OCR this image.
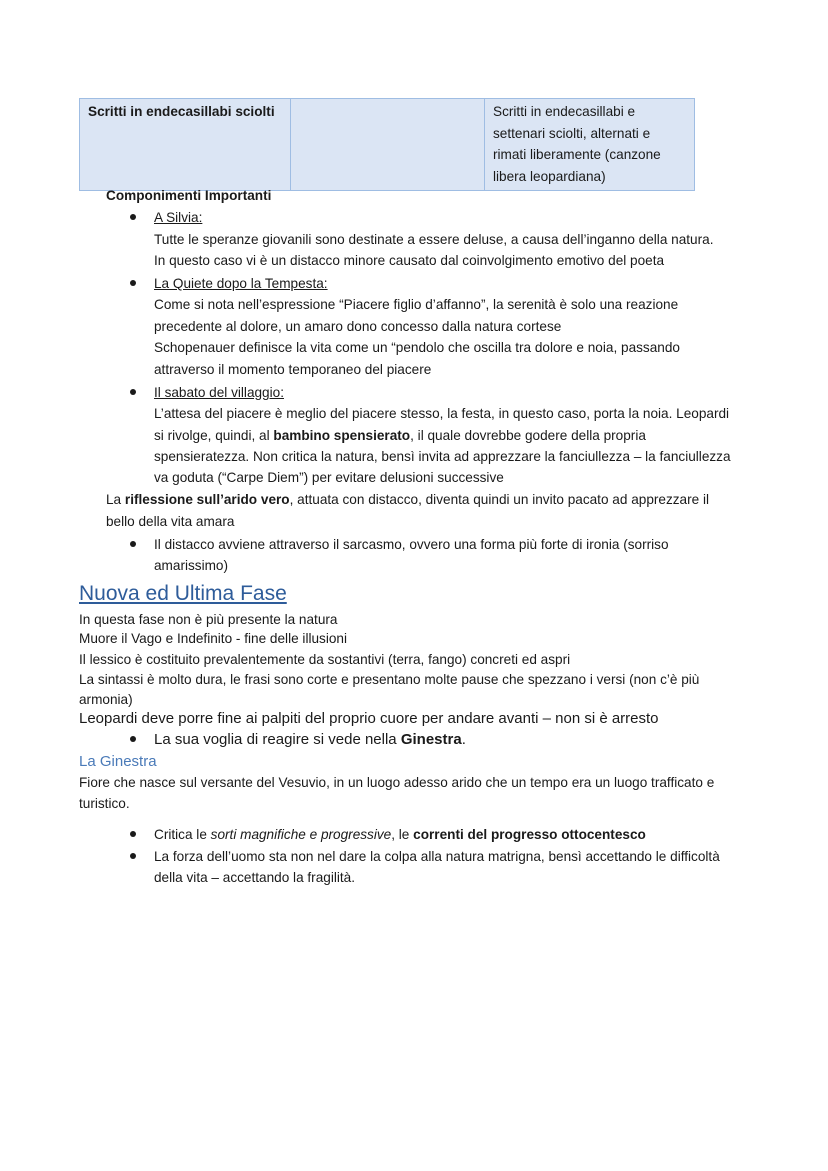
Scritti in endecasillabi sciolti		Scritti in endecasillabi e
settenari sciolti, alternati e
rimati liberamente (canzone
libera leopardiana)
Componimenti Importanti
A Silvia:
Tutte le speranze giovanili sono destinate a essere deluse, a causa dell’inganno della natura.
In questo caso vi è un distacco minore causato dal coinvolgimento emotivo del poeta
La Quiete dopo la Tempesta:
Come si nota nell’espressione “Piacere figlio d’affanno”, la serenità è solo una reazione
precedente al dolore, un amaro dono concesso dalla natura cortese
Schopenauer definisce la vita come un “pendolo che oscilla tra dolore e noia, passando
attraverso il momento temporaneo del piacere
Il sabato del villaggio:
L’attesa del piacere è meglio del piacere stesso, la festa, in questo caso, porta la noia. Leopardi
si rivolge, quindi, al bambino spensierato, il quale dovrebbe godere della propria
spensieratezza. Non critica la natura, bensì invita ad apprezzare la fanciullezza – la fanciullezza
va goduta (“Carpe Diem”) per evitare delusioni successive
La riflessione sull’arido vero, attuata con distacco, diventa quindi un invito pacato ad apprezzare il
bello della vita amara
Il distacco avviene attraverso il sarcasmo, ovvero una forma più forte di ironia (sorriso
amarissimo)
Nuova ed Ultima Fase
In questa fase non è più presente la natura
Muore il Vago e Indefinito - fine delle illusioni
Il lessico è costituito prevalentemente da sostantivi (terra, fango) concreti ed aspri
La sintassi è molto dura, le frasi sono corte e presentano molte pause che spezzano i versi (non c’è più
armonia)
Leopardi deve porre fine ai palpiti del proprio cuore per andare avanti – non si è arresto
La sua voglia di reagire si vede nella Ginestra.
La Ginestra
Fiore che nasce sul versante del Vesuvio, in un luogo adesso arido che un tempo era un luogo trafficato e
turistico.
Critica le sorti magnifiche e progressive, le correnti del progresso ottocentesco
La forza dell’uomo sta non nel dare la colpa alla natura matrigna, bensì accettando le difficoltà
della vita – accettando la fragilità.
